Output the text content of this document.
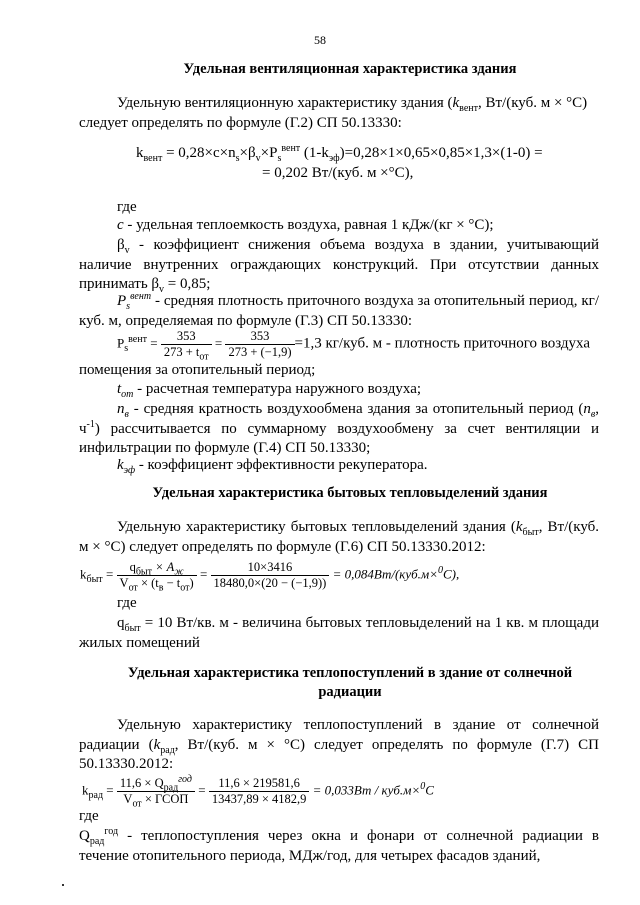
58
Удельная вентиляционная характеристика здания
Удельную вентиляционную характеристику здания ($k_{вент}$, Вт/(куб. м × °С)
следует определять по формуле (Г.2) СП 50.13330:
$k_{вент} = 0,28\times c\times n_s\times\beta_v\times P_s^{вент}$ $(1-k_{эф})=0,28\times 1\times 0,65\times 0,85\times 1,3\times(1-0)$ =
= 0,202 Вт/(куб. м ×°С),
где
c - удельная теплоемкость воздуха, равная 1 кДж/(кг × °С);
$\beta_v$ - коэффициент снижения объема воздуха в здании, учитывающий наличие внутренних ограждающих конструкций. При отсутствии данных принимать $\beta_v = 0,85$;
$P_s^{вент}$ - средняя плотность приточного воздуха за отопительный период, кг/куб. м, определяемая по формуле (Г.3) СП 50.13330:
$P_s^{вент} = \frac{353}{273 + t_{от}} = \frac{353}{273 + (-1,9)} =1,3$ кг/куб. м - плотность приточного воздуха
помещения за отопительный период;
$t_{от}$ - расчетная температура наружного воздуха;
$n_в$ - средняя кратность воздухообмена здания за отопительный период ($n_в$, $ч^{-1}$) рассчитывается по суммарному воздухообмену за счет вентиляции и инфильтрации по формуле (Г.4) СП 50.13330;
$k_{эф}$ - коэффициент эффективности рекуператора.
Удельная характеристика бытовых тепловыделений здания
Удельную характеристику бытовых тепловыделений здания ($k_{быт}$, Вт/(куб. м × °С) следует определять по формуле (Г.6) СП 50.13330.2012:
$k_{быт} = \frac{q_{быт} \times A_ж}{V_{от} \times (t_в - t_{от})} = \frac{10\times 3416}{18480,0\times(20 - (-1,9))} = 0,084Вт/(куб.м\times^0С)$,
где
$q_{быт} = 10$ Вт/кв. м - величина бытовых тепловыделений на 1 кв. м площади жилых помещений
Удельная характеристика теплопоступлений в здание от солнечной
радиации
Удельную характеристику теплопоступлений в здание от солнечной радиации ($k_{рад}$, Вт/(куб. м × °С) следует определять по формуле (Г.7) СП 50.13330.2012:
$k_{рад} = \frac{11,6 \times Q_{рад}^{год}}{V_{от} \times ГСОП} = \frac{11,6 \times 219581,6}{13437,89 \times 4182,9} = 0,033Вт / куб.м\times^0С$
где
$Q_{рад}^{год}$ - теплопоступления через окна и фонари от солнечной радиации в течение отопительного периода, МДж/год, для четырех фасадов зданий,
